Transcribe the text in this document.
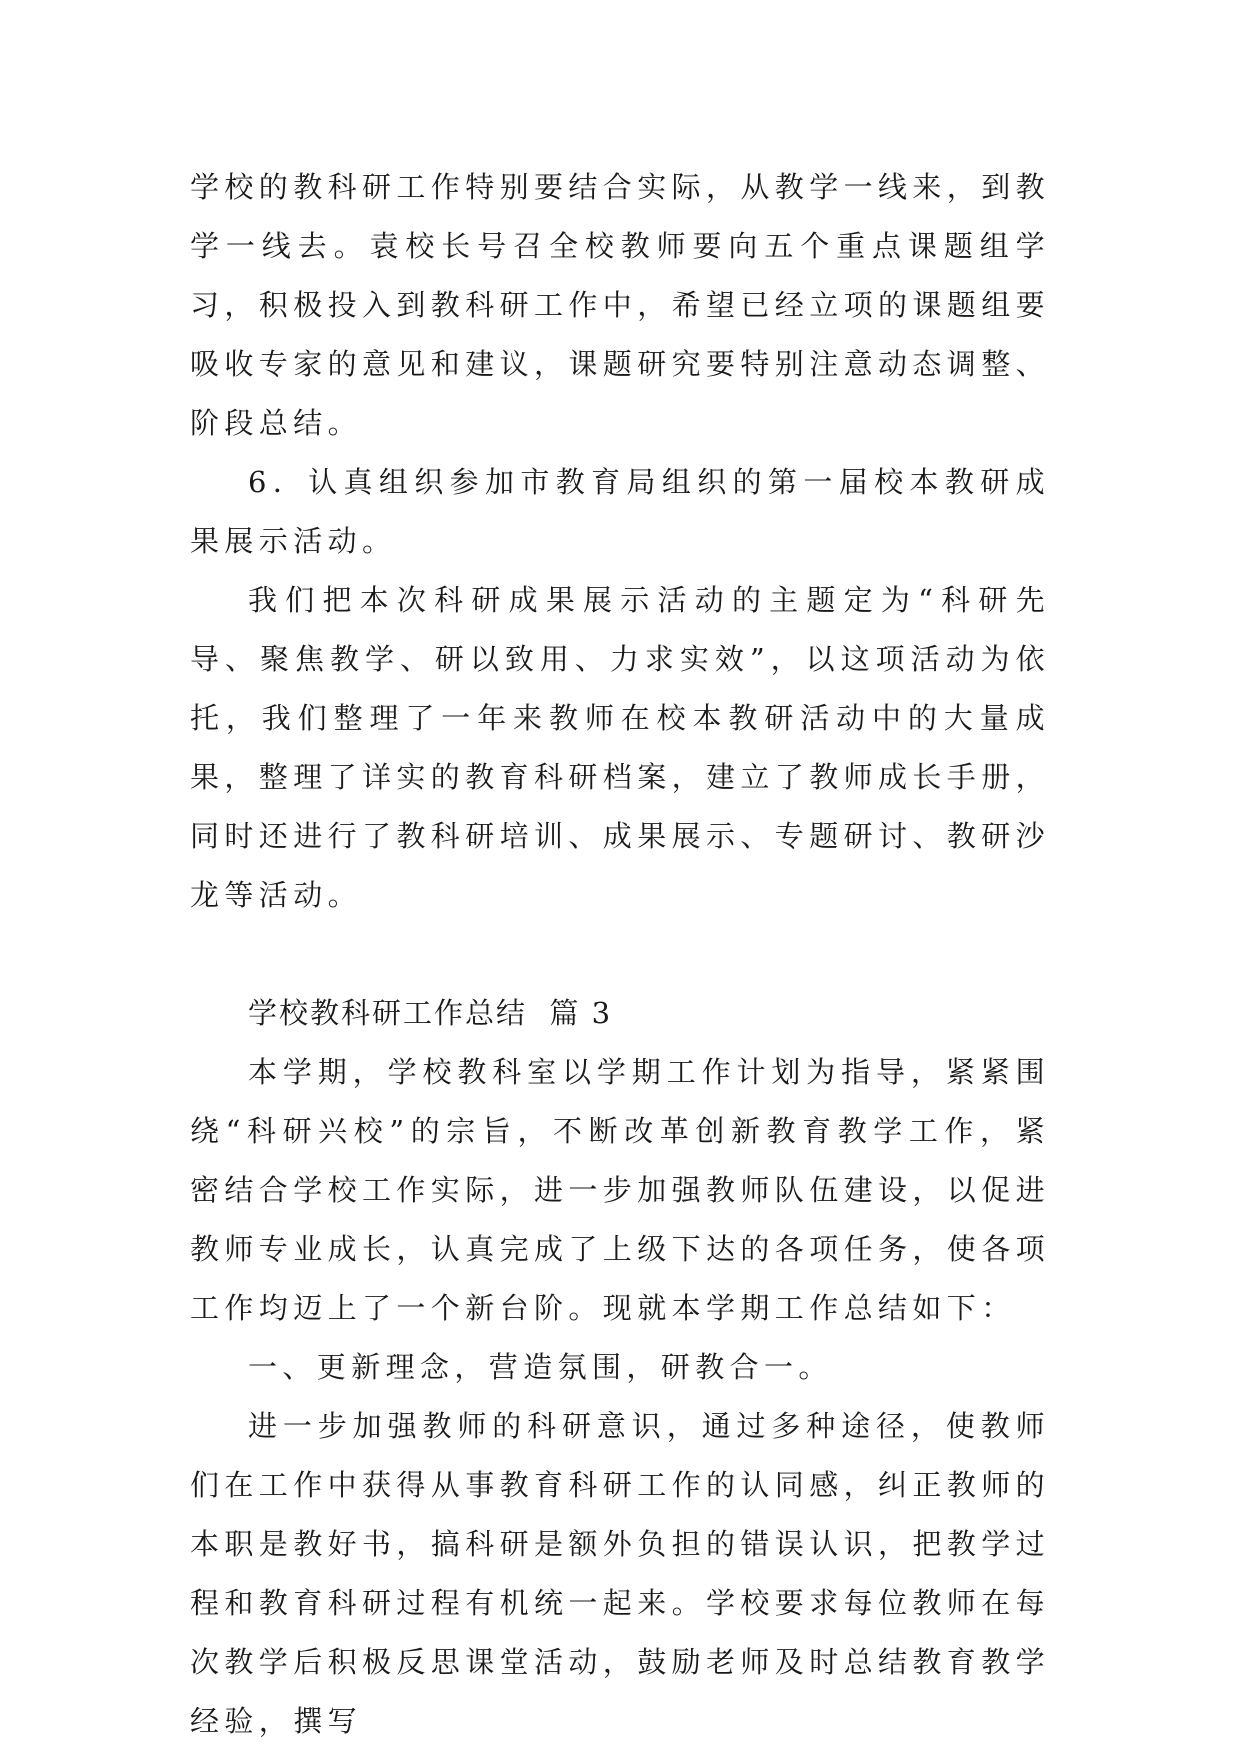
学校的教科研工作特别要结合实际，从教学一线来，到教学一线去。袁校长号召全校教师要向五个重点课题组学习，积极投入到教科研工作中，希望已经立项的课题组要吸收专家的意见和建议，课题研究要特别注意动态调整、阶段总结。

6．认真组织参加市教育局组织的第一届校本教研成果展示活动。

我们把本次科研成果展示活动的主题定为“科研先导、聚焦教学、研以致用、力求实效”，以这项活动为依托，我们整理了一年来教师在校本教研活动中的大量成果，整理了详实的教育科研档案，建立了教师成长手册，同时还进行了教科研培训、成果展示、专题研讨、教研沙龙等活动。

学校教科研工作总结  篇 3

本学期，学校教科室以学期工作计划为指导，紧紧围绕“科研兴校”的宗旨，不断改革创新教育教学工作，紧密结合学校工作实际，进一步加强教师队伍建设，以促进教师专业成长，认真完成了上级下达的各项任务，使各项工作均迈上了一个新台阶。现就本学期工作总结如下：

一、更新理念，营造氛围，研教合一。

进一步加强教师的科研意识，通过多种途径，使教师们在工作中获得从事教育科研工作的认同感，纠正教师的本职是教好书，搞科研是额外负担的错误认识，把教学过程和教育科研过程有机统一起来。学校要求每位教师在每次教学后积极反思课堂活动，鼓励老师及时总结教育教学经验，撰写
